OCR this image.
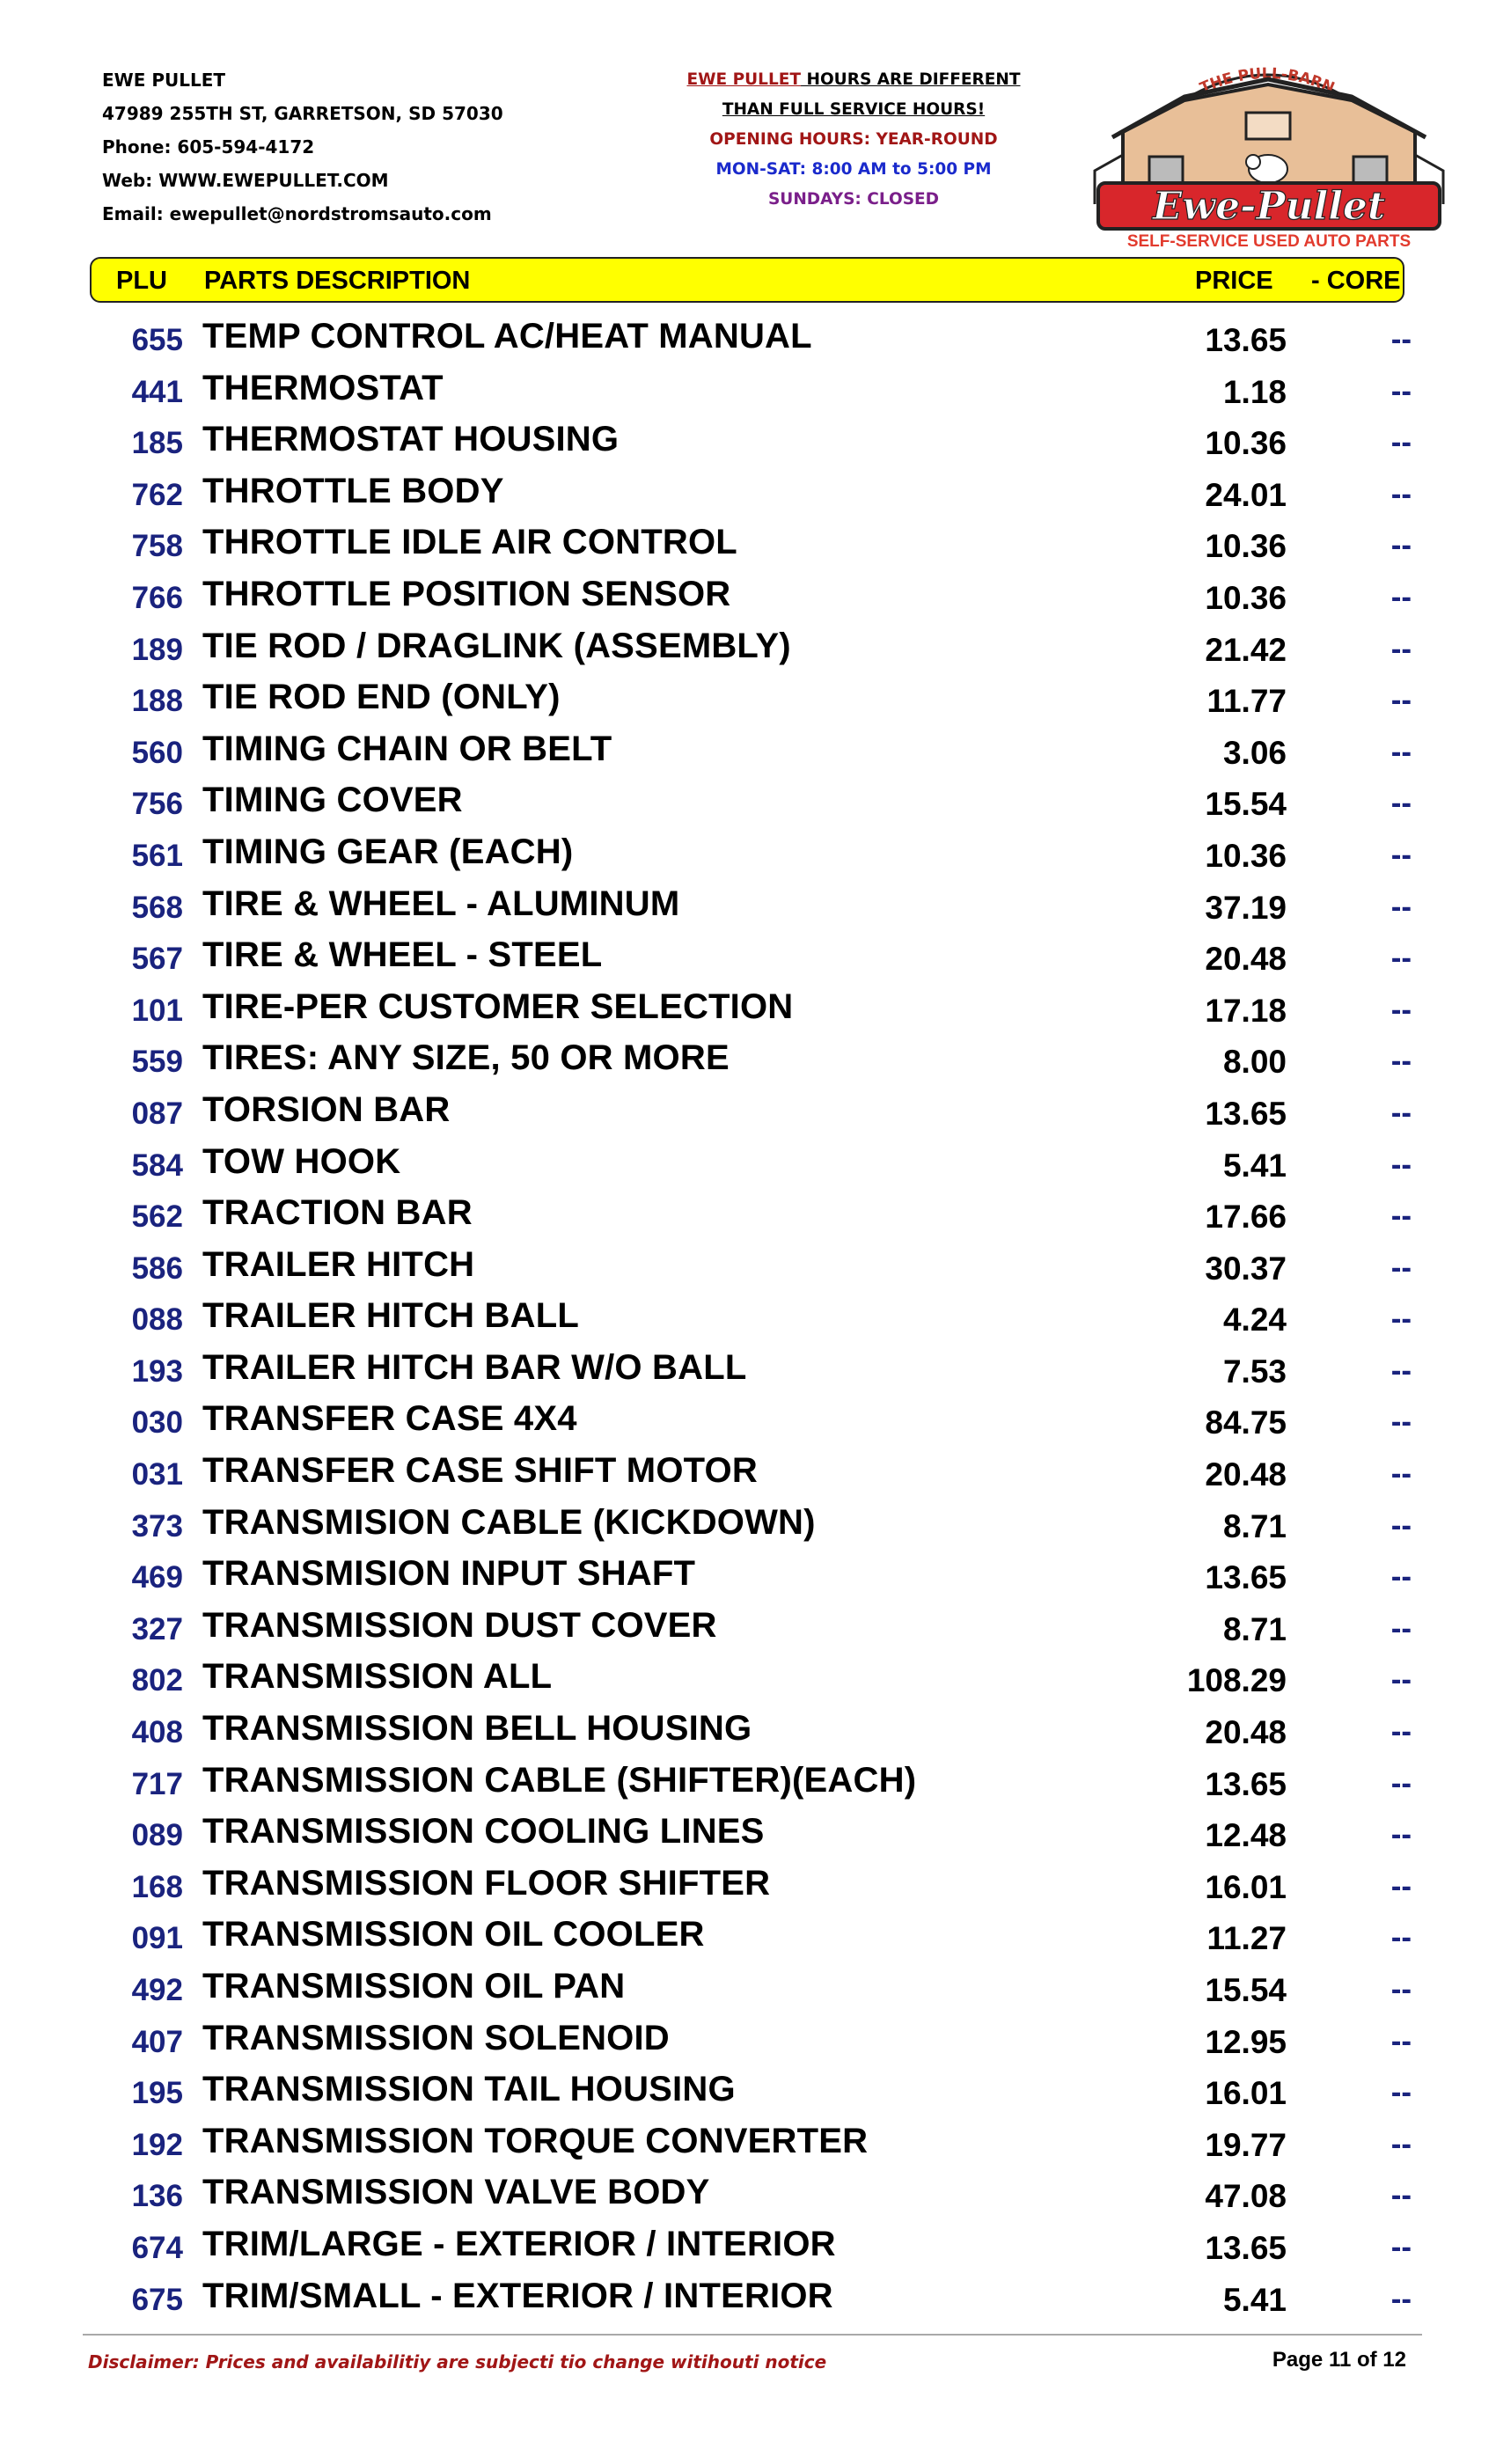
EWE PULLET
47989 255TH ST, GARRETSON, SD 57030
Phone: 605-594-4172
Web: WWW.EWEPULLET.COM
Email: ewepullet@nordstromsauto.com
EWE PULLET HOURS ARE DIFFERENT
THAN FULL SERVICE HOURS!
OPENING HOURS: YEAR-ROUND
MON-SAT: 8:00 AM to 5:00 PM
SUNDAYS: CLOSED
THE PULL-BARN
Ewe-Pullet
SELF-SERVICE USED AUTO PARTS
PLU PARTS DESCRIPTION	PRICE - CORE
655 TEMP CONTROL AC/HEAT MANUAL	13.65	--
441 THERMOSTAT	1.18	--
185 THERMOSTAT HOUSING	10.36	--
762 THROTTLE BODY	24.01	--
758 THROTTLE IDLE AIR CONTROL	10.36	--
766 THROTTLE POSITION SENSOR	10.36	--
189 TIE ROD / DRAGLINK (ASSEMBLY)	21.42	--
188 TIE ROD END (ONLY)	11.77	--
560 TIMING CHAIN OR BELT	3.06	--
756 TIMING COVER	15.54	--
561 TIMING GEAR (EACH)	10.36	--
568 TIRE & WHEEL - ALUMINUM	37.19	--
567 TIRE & WHEEL - STEEL	20.48	--
101 TIRE-PER CUSTOMER SELECTION	17.18	--
559 TIRES: ANY SIZE, 50 OR MORE	8.00	--
087 TORSION BAR	13.65	--
584 TOW HOOK	5.41	--
562 TRACTION BAR	17.66	--
586 TRAILER HITCH	30.37	--
088 TRAILER HITCH BALL	4.24	--
193 TRAILER HITCH BAR W/O BALL	7.53	--
030 TRANSFER CASE 4X4	84.75	--
031 TRANSFER CASE SHIFT MOTOR	20.48	--
373 TRANSMISION CABLE (KICKDOWN)	8.71	--
469 TRANSMISION INPUT SHAFT	13.65	--
327 TRANSMISSION DUST COVER	8.71	--
802 TRANSMISSION ALL	108.29	--
408 TRANSMISSION BELL HOUSING	20.48	--
717 TRANSMISSION CABLE (SHIFTER)(EACH)	13.65	--
089 TRANSMISSION COOLING LINES	12.48	--
168 TRANSMISSION FLOOR SHIFTER	16.01	--
091 TRANSMISSION OIL COOLER	11.27	--
492 TRANSMISSION OIL PAN	15.54	--
407 TRANSMISSION SOLENOID	12.95	--
195 TRANSMISSION TAIL HOUSING	16.01	--
192 TRANSMISSION TORQUE CONVERTER	19.77	--
136 TRANSMISSION VALVE BODY	47.08	--
674 TRIM/LARGE - EXTERIOR / INTERIOR	13.65	--
675 TRIM/SMALL - EXTERIOR / INTERIOR	5.41	--
Disclaimer: Prices and availabilitiy are subjecti tio change witihouti notice	Page 11 of 12
